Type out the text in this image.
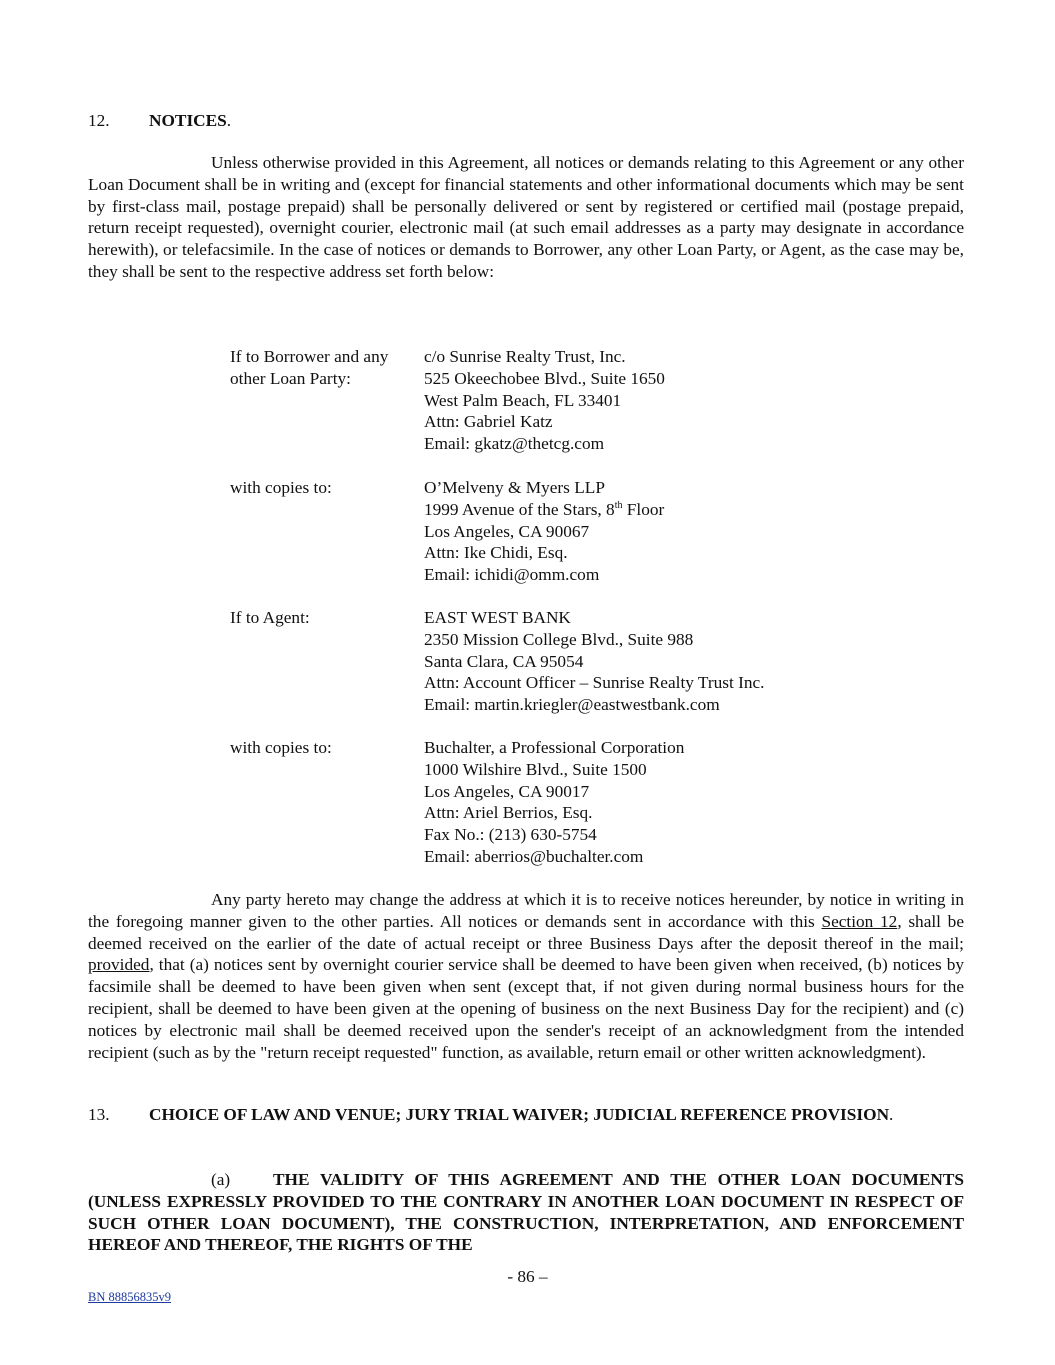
12. NOTICES.

Unless otherwise provided in this Agreement, all notices or demands relating to this Agreement or any other Loan Document shall be in writing and (except for financial statements and other informational documents which may be sent by first-class mail, postage prepaid) shall be personally delivered or sent by registered or certified mail (postage prepaid, return receipt requested), overnight courier, electronic mail (at such email addresses as a party may designate in accordance herewith), or telefacsimile. In the case of notices or demands to Borrower, any other Loan Party, or Agent, as the case may be, they shall be sent to the respective address set forth below:

If to Borrower and any other Loan Party:
c/o Sunrise Realty Trust, Inc.
525 Okeechobee Blvd., Suite 1650
West Palm Beach, FL 33401
Attn: Gabriel Katz
Email: gkatz@thetcg.com
with copies to:	O’Melveny & Myers LLP
1999 Avenue of the Stars, 8th Floor
Los Angeles, CA 90067
Attn: Ike Chidi, Esq.
Email: ichidi@omm.com
If to Agent:	EAST WEST BANK
2350 Mission College Blvd., Suite 988
Santa Clara, CA 95054
Attn: Account Officer – Sunrise Realty Trust Inc.
Email: martin.kriegler@eastwestbank.com
with copies to:	Buchalter, a Professional Corporation
1000 Wilshire Blvd., Suite 1500
Los Angeles, CA 90017
Attn: Ariel Berrios, Esq.
Fax No.: (213) 630-5754
Email: aberrios@buchalter.com

Any party hereto may change the address at which it is to receive notices hereunder, by notice in writing in the foregoing manner given to the other parties. All notices or demands sent in accordance with this Section 12, shall be deemed received on the earlier of the date of actual receipt or three Business Days after the deposit thereof in the mail; provided, that (a) notices sent by overnight courier service shall be deemed to have been given when received, (b) notices by facsimile shall be deemed to have been given when sent (except that, if not given during normal business hours for the recipient, shall be deemed to have been given at the opening of business on the next Business Day for the recipient) and (c) notices by electronic mail shall be deemed received upon the sender's receipt of an acknowledgment from the intended recipient (such as by the "return receipt requested" function, as available, return email or other written acknowledgment).

13. CHOICE OF LAW AND VENUE; JURY TRIAL WAIVER; JUDICIAL REFERENCE PROVISION.

(a) THE VALIDITY OF THIS AGREEMENT AND THE OTHER LOAN DOCUMENTS (UNLESS EXPRESSLY PROVIDED TO THE CONTRARY IN ANOTHER LOAN DOCUMENT IN RESPECT OF SUCH OTHER LOAN DOCUMENT), THE CONSTRUCTION, INTERPRETATION, AND ENFORCEMENT HEREOF AND THEREOF, THE RIGHTS OF THE

- 86 –
BN 88856835v9
